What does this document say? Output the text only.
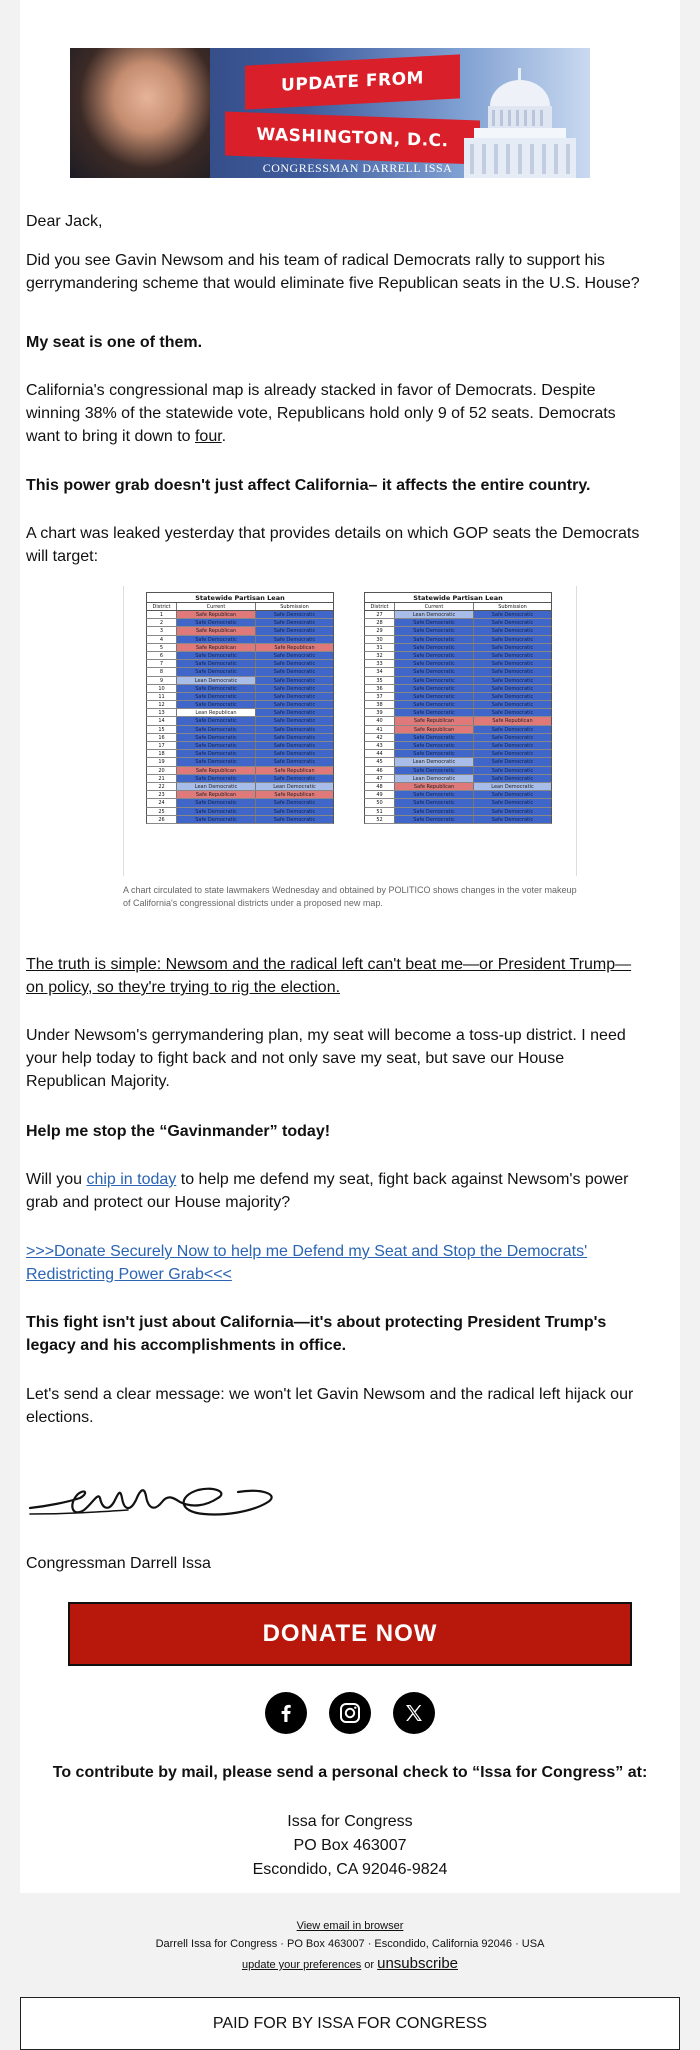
UPDATE FROM
WASHINGTON, D.C.
CONGRESSMAN DARRELL ISSA
Dear Jack,
Did you see Gavin Newsom and his team of radical Democrats rally to support his gerrymandering scheme that would eliminate five Republican seats in the U.S. House?
My seat is one of them.
California's congressional map is already stacked in favor of Democrats. Despite winning 38% of the statewide vote, Republicans hold only 9 of 52 seats. Democrats want to bring it down to four.
This power grab doesn't just affect California– it affects the entire country.
A chart was leaked yesterday that provides details on which GOP seats the Democrats will target:
Statewide Partisan Lean
District	Current	Submission
1	Safe Republican	Safe Democratic
2	Safe Democratic	Safe Democratic
3	Safe Republican	Safe Democratic
4	Safe Democratic	Safe Democratic
5	Safe Republican	Safe Republican
6	Safe Democratic	Safe Democratic
7	Safe Democratic	Safe Democratic
8	Safe Democratic	Safe Democratic
9	Lean Democratic	Safe Democratic
10	Safe Democratic	Safe Democratic
11	Safe Democratic	Safe Democratic
12	Safe Democratic	Safe Democratic
13	Lean Republican	Safe Democratic
14	Safe Democratic	Safe Democratic
15	Safe Democratic	Safe Democratic
16	Safe Democratic	Safe Democratic
17	Safe Democratic	Safe Democratic
18	Safe Democratic	Safe Democratic
19	Safe Democratic	Safe Democratic
20	Safe Republican	Safe Republican
21	Safe Democratic	Safe Democratic
22	Lean Democratic	Lean Democratic
23	Safe Republican	Safe Republican
24	Safe Democratic	Safe Democratic
25	Safe Democratic	Safe Democratic
26	Safe Democratic	Safe Democratic
Statewide Partisan Lean
District	Current	Submission
27	Lean Democratic	Safe Democratic
28	Safe Democratic	Safe Democratic
29	Safe Democratic	Safe Democratic
30	Safe Democratic	Safe Democratic
31	Safe Democratic	Safe Democratic
32	Safe Democratic	Safe Democratic
33	Safe Democratic	Safe Democratic
34	Safe Democratic	Safe Democratic
35	Safe Democratic	Safe Democratic
36	Safe Democratic	Safe Democratic
37	Safe Democratic	Safe Democratic
38	Safe Democratic	Safe Democratic
39	Safe Democratic	Safe Democratic
40	Safe Republican	Safe Republican
41	Safe Republican	Safe Democratic
42	Safe Democratic	Safe Democratic
43	Safe Democratic	Safe Democratic
44	Safe Democratic	Safe Democratic
45	Lean Democratic	Safe Democratic
46	Safe Democratic	Safe Democratic
47	Lean Democratic	Safe Democratic
48	Safe Republican	Lean Democratic
49	Safe Democratic	Safe Democratic
50	Safe Democratic	Safe Democratic
51	Safe Democratic	Safe Democratic
52	Safe Democratic	Safe Democratic
A chart circulated to state lawmakers Wednesday and obtained by POLITICO shows changes in the voter makeup of California's congressional districts under a proposed new map.
The truth is simple: Newsom and the radical left can't beat me—or President Trump—on policy, so they're trying to rig the election.
Under Newsom's gerrymandering plan, my seat will become a toss-up district. I need your help today to fight back and not only save my seat, but save our House Republican Majority.
Help me stop the “Gavinmander” today!
Will you chip in today to help me defend my seat, fight back against Newsom's power grab and protect our House majority?
>>>Donate Securely Now to help me Defend my Seat and Stop the Democrats' Redistricting Power Grab<<<
This fight isn't just about California—it's about protecting President Trump's legacy and his accomplishments in office.
Let's send a clear message: we won't let Gavin Newsom and the radical left hijack our elections.
Congressman Darrell Issa
DONATE NOW
To contribute by mail, please send a personal check to “Issa for Congress” at:
Issa for Congress
PO Box 463007
Escondido, CA 92046-9824
View email in browser
Darrell Issa for Congress · PO Box 463007 · Escondido, California 92046 · USA
update your preferences or unsubscribe
PAID FOR BY ISSA FOR CONGRESS
